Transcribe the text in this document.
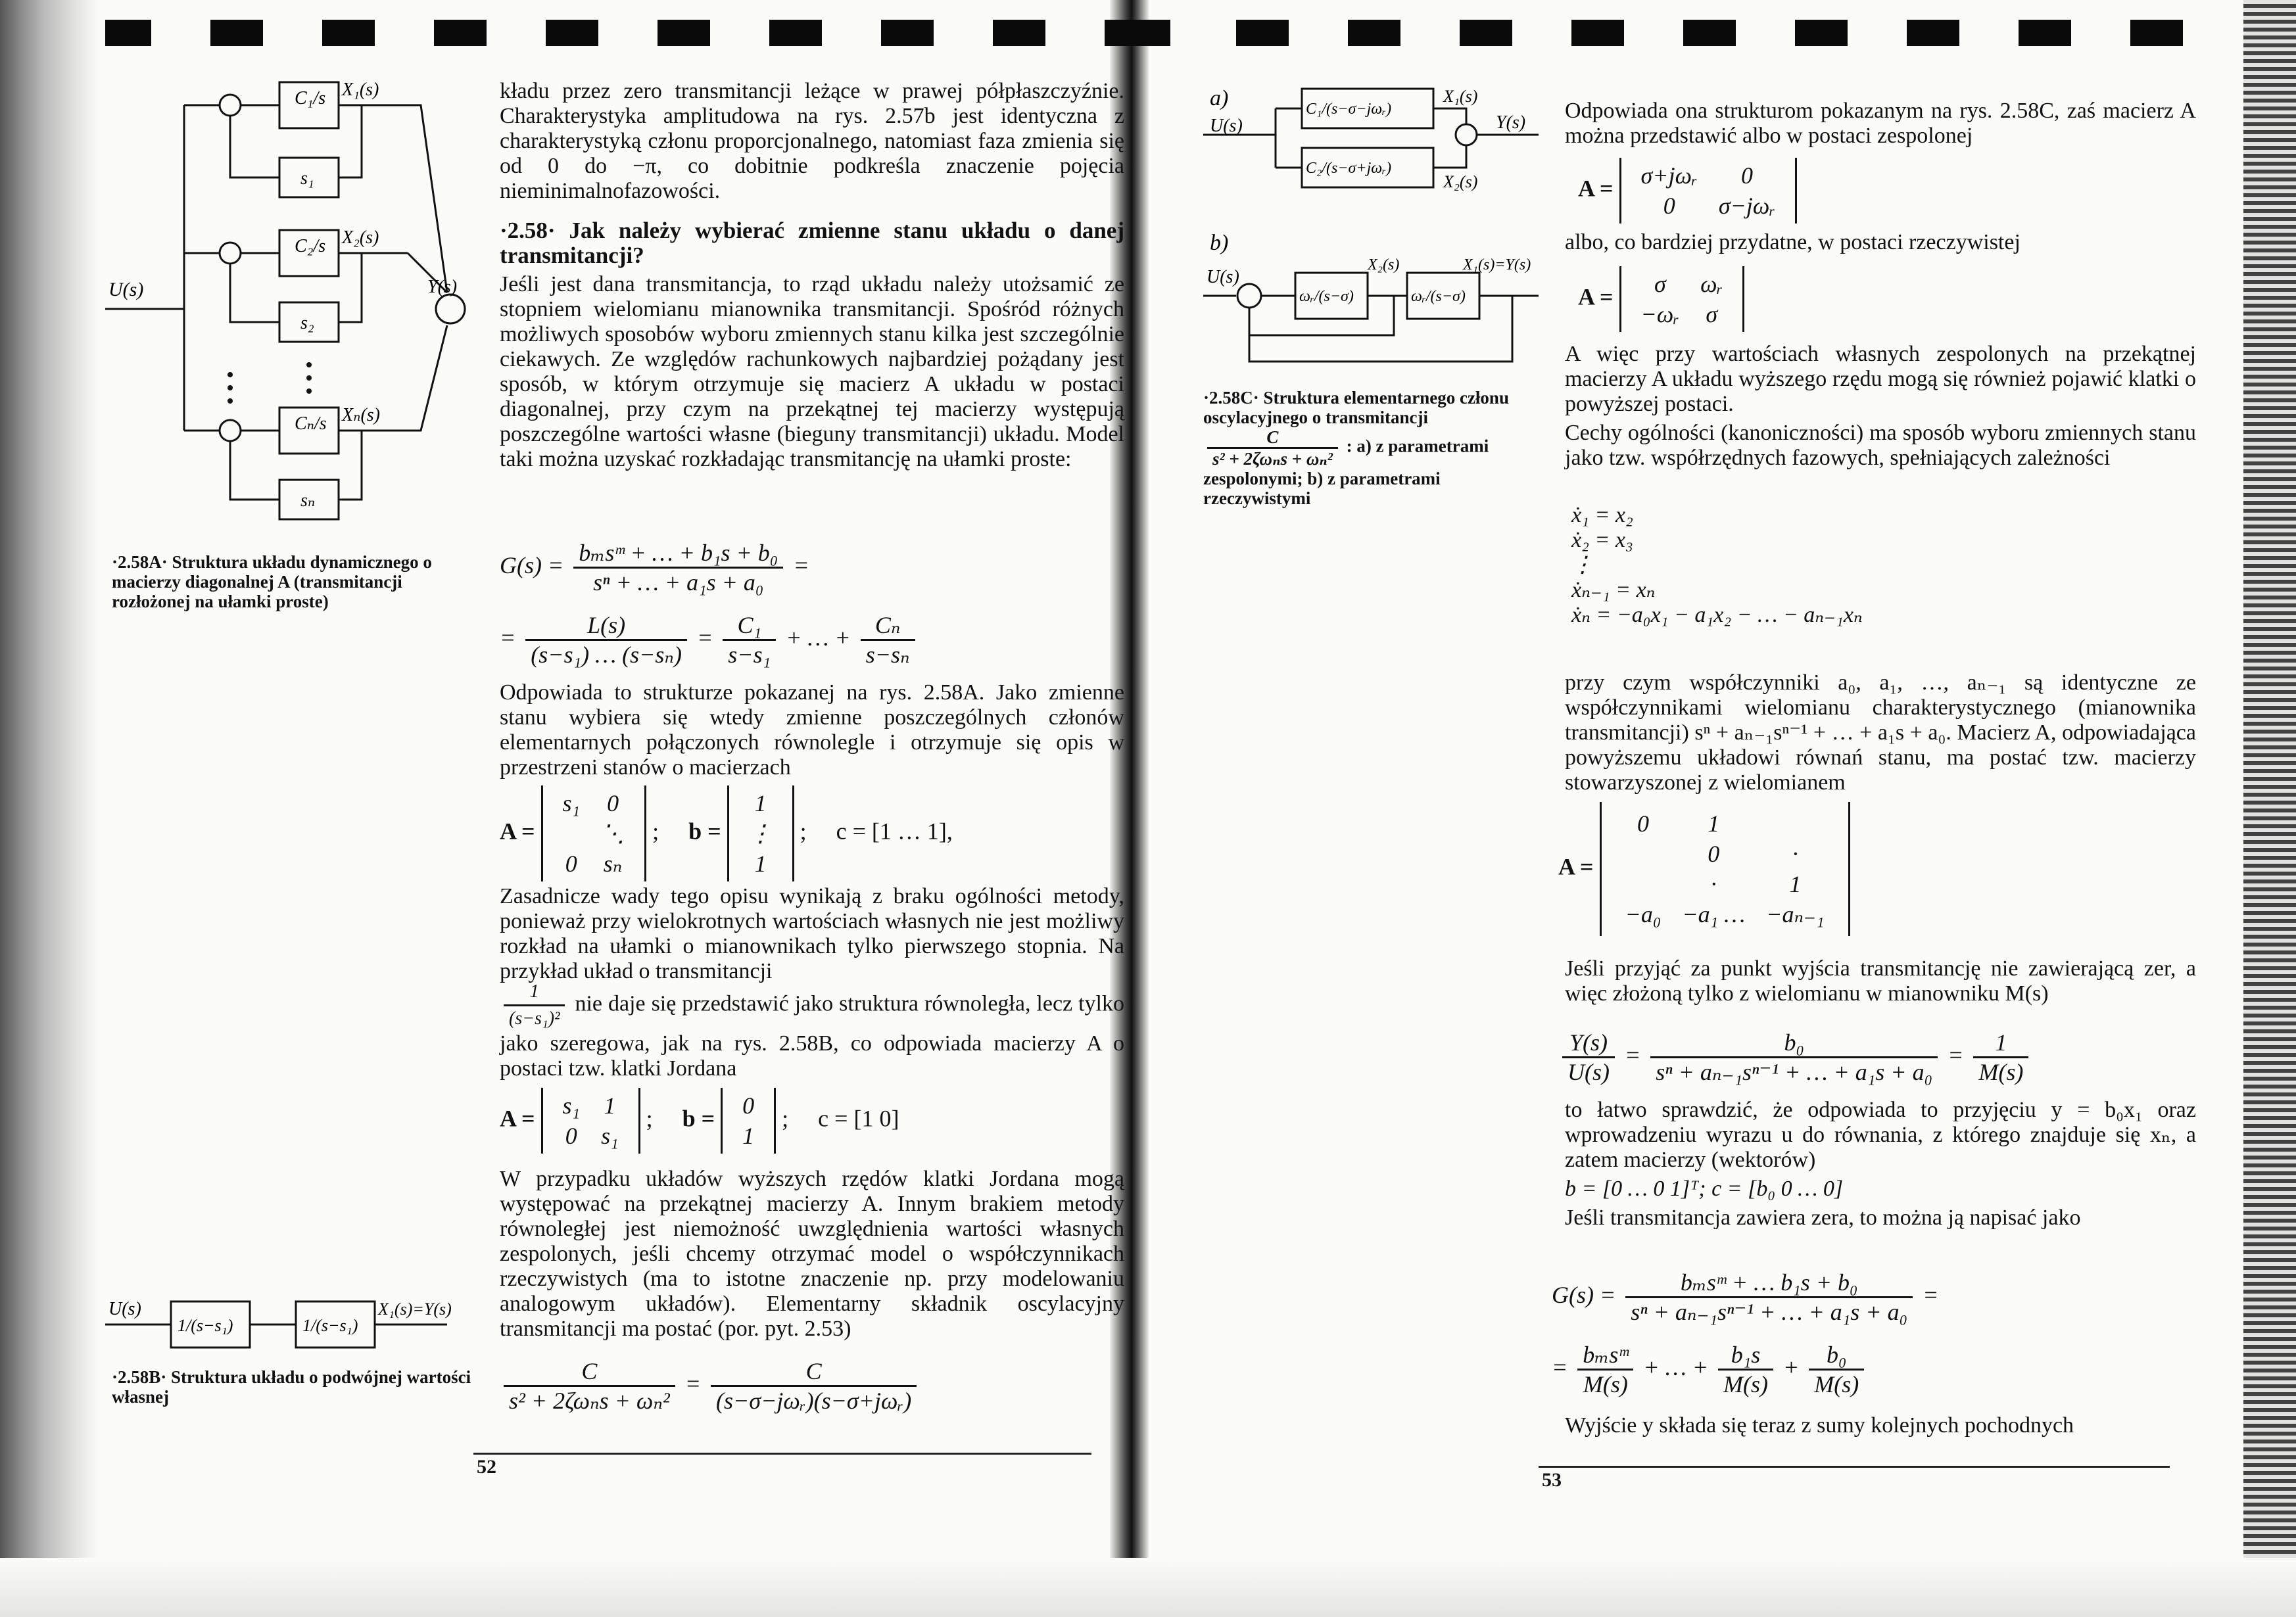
U(s)
C₁/s
C₂/s
Cₙ/s
s₁
s₂
sₙ
X₁(s)
X₂(s)
Xₙ(s)
Y(s)
·2.58A· Struktura układu dynamicznego o macierzy diagonalnej A (transmitancji rozłożonej na ułamki proste)
U(s)
1/(s−s₁)	1/(s−s₁)
X₁(s)=Y(s)
·2.58B· Struktura układu o podwójnej wartości własnej

kładu przez zero transmitancji leżące w prawej półpłaszczyźnie. Charakterystyka amplitudowa na rys. 2.57b jest identyczna z charakterystyką członu proporcjonalnego, natomiast faza zmienia się od 0 do −π, co dobitnie podkreśla znaczenie pojęcia nieminimalnofazowości.

·2.58· Jak należy wybierać zmienne stanu układu o danej transmitancji?

Jeśli jest dana transmitancja, to rząd układu należy utożsamić ze stopniem wielomianu mianownika transmitancji. Spośród różnych możliwych sposobów wyboru zmiennych stanu kilka jest szczególnie ciekawych. Ze względów rachunkowych najbardziej pożądany jest sposób, w którym otrzymuje się macierz A układu w postaci diagonalnej, przy czym na przekątnej tej macierzy występują poszczególne wartości własne (bieguny transmitancji) układu. Model taki można uzyskać rozkładając transmitancję na ułamki proste:

$G(s) = \frac{\text{bₘsᵐ + … + b₁s + b₀}}{\text{sⁿ + … + a₁s + a₀}}$ =
= $\frac{L(s)}{\text{(s−s₁) … (s−sₙ)}} = \frac{\text{C₁}}{\text{s−s₁}}$ + … + $\frac{\text{Cₙ}}{\text{s−sₙ}}$

Odpowiada to strukturze pokazanej na rys. 2.58A. Jako zmienne stanu wybiera się wtedy zmienne poszczególnych członów elementarnych połączonych równolegle i otrzymuje się opis w przestrzeni stanów o macierzach

A =
s₁	0
	⋱
0	sₙ
;     b =
1
⋮
1
;     c = [1 … 1],

Zasadnicze wady tego opisu wynikają z braku ogólności metody, ponieważ przy wielokrotnych wartościach własnych nie jest możliwy rozkład na ułamki o mianownikach tylko pierwszego stopnia. Na przykład układ o transmitancji

$\frac{1}{\text{(s−s₁)²}}$ nie daje się przedstawić jako struktura równoległa, lecz tylko jako szeregowa, jak na rys. 2.58B, co odpowiada macierzy A o postaci tzw. klatki Jordana
A = s₁	1
0	s₁
;     b = 0
1
;     c = [1 0]

W przypadku układów wyższych rzędów klatki Jordana mogą występować na przekątnej macierzy A. Innym brakiem metody równoległej jest niemożność uwzględnienia wartości własnych zespolonych, jeśli chcemy otrzymać model o współczynnikach rzeczywistych (ma to istotne znaczenie np. przy modelowaniu analogowym układów). Elementarny składnik oscylacyjny transmitancji ma postać (por. pyt. 2.53)

$\frac{C}{\text{s² + 2ζωₙs + ωₙ²}} = \frac{C}{\text{(s−σ−jωᵣ)(s−σ+jωᵣ)}}$
52
a)
U(s)
C₁/(s−σ−jωᵣ)
C₂/(s−σ+jωᵣ)
X₁(s)
X₂(s)
Y(s)
b)
U(s)
ωᵣ/(s−σ)	ωᵣ/(s−σ)
X₂(s)	X₁(s)=Y(s)
·2.58C· Struktura elementarnego członu oscylacyjnego o transmitancji
$\frac{C}{\text{s² + 2ζωₙs + ωₙ²}}$ : a) z parametrami zespolonymi; b) z parametrami rzeczywistymi

Odpowiada ona strukturom pokazanym na rys. 2.58C, zaś macierz A można przedstawić albo w postaci zespolonej

A = σ+jωᵣ	0
0	σ−jωᵣ

albo, co bardziej przydatne, w postaci rzeczywistej

A = σ	ωᵣ
−ωᵣ	σ

A więc przy wartościach własnych zespolonych na przekątnej macierzy A układu wyższego rzędu mogą się również pojawić klatki o powyższej postaci.

Cechy ogólności (kanoniczności) ma sposób wyboru zmiennych stanu jako tzw. współrzędnych fazowych, spełniających zależności

ẋ₁ = x₂
ẋ₂ = x₃
⋮
ẋₙ₋₁ = xₙ
ẋₙ = −a₀x₁ − a₁x₂ − … − aₙ₋₁xₙ

przy czym współczynniki a₀, a₁, …, aₙ₋₁ są identyczne ze współczynnikami wielomianu charakterystycznego (mianownika transmitancji) sⁿ + aₙ₋₁sⁿ⁻¹ + … + a₁s + a₀. Macierz A, odpowiadająca powyższemu układowi równań stanu, ma postać tzw. macierzy stowarzyszonej z wielomianem

A =
0	1	
	0	·
	·	1
−a₀	−a₁ …	−aₙ₋₁

Jeśli przyjąć za punkt wyjścia transmitancję nie zawierającą zer, a więc złożoną tylko z wielomianu w mianowniku M(s)

$\frac{Y(s)}{U(s)} = \frac{\text{b₀}}{\text{sⁿ + aₙ₋₁sⁿ⁻¹ + … + a₁s + a₀}} = \frac{1}{M(s)}$

to łatwo sprawdzić, że odpowiada to przyjęciu y = b₀x₁ oraz wprowadzeniu wyrazu u do równania, z którego znajduje się xₙ, a zatem macierzy (wektorów)

b = [0 … 0 1]ᵀ; c = [b₀ 0 … 0]

Jeśli transmitancja zawiera zera, to można ją napisać jako

$G(s) = \frac{\text{bₘsᵐ + … b₁s + b₀}}{\text{sⁿ + aₙ₋₁sⁿ⁻¹ + … + a₁s + a₀}}$ =
= $\frac{\text{bₘsᵐ}}{M(s)}$ + … + $\frac{\text{b₁s}}{M(s)} + \frac{\text{b₀}}{M(s)}$

Wyjście y składa się teraz z sumy kolejnych pochodnych

53
